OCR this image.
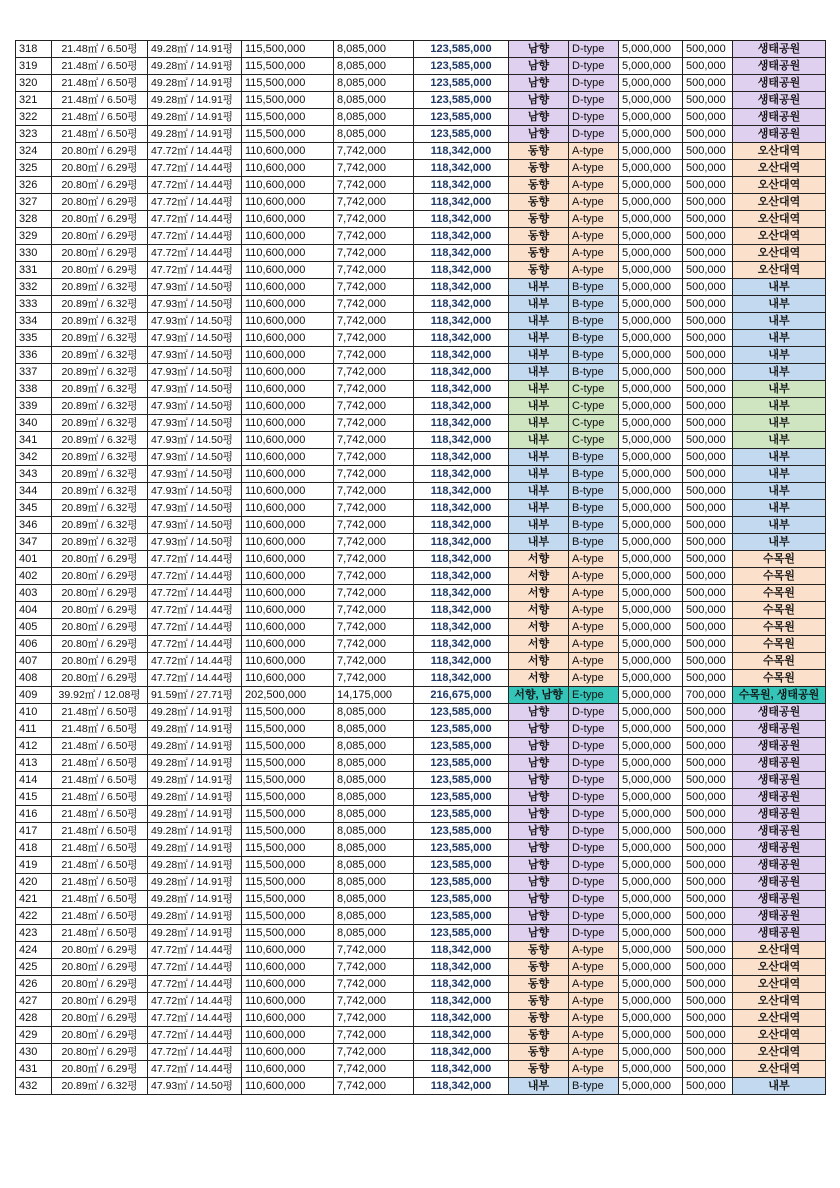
318	21.48㎡ / 6.50평	49.28㎡ / 14.91평	115,500,000	8,085,000	123,585,000	남향	D-type	5,000,000	500,000	생태공원
319	21.48㎡ / 6.50평	49.28㎡ / 14.91평	115,500,000	8,085,000	123,585,000	남향	D-type	5,000,000	500,000	생태공원
320	21.48㎡ / 6.50평	49.28㎡ / 14.91평	115,500,000	8,085,000	123,585,000	남향	D-type	5,000,000	500,000	생태공원
321	21.48㎡ / 6.50평	49.28㎡ / 14.91평	115,500,000	8,085,000	123,585,000	남향	D-type	5,000,000	500,000	생태공원
322	21.48㎡ / 6.50평	49.28㎡ / 14.91평	115,500,000	8,085,000	123,585,000	남향	D-type	5,000,000	500,000	생태공원
323	21.48㎡ / 6.50평	49.28㎡ / 14.91평	115,500,000	8,085,000	123,585,000	남향	D-type	5,000,000	500,000	생태공원
324	20.80㎡ / 6.29평	47.72㎡ / 14.44평	110,600,000	7,742,000	118,342,000	동향	A-type	5,000,000	500,000	오산대역
325	20.80㎡ / 6.29평	47.72㎡ / 14.44평	110,600,000	7,742,000	118,342,000	동향	A-type	5,000,000	500,000	오산대역
326	20.80㎡ / 6.29평	47.72㎡ / 14.44평	110,600,000	7,742,000	118,342,000	동향	A-type	5,000,000	500,000	오산대역
327	20.80㎡ / 6.29평	47.72㎡ / 14.44평	110,600,000	7,742,000	118,342,000	동향	A-type	5,000,000	500,000	오산대역
328	20.80㎡ / 6.29평	47.72㎡ / 14.44평	110,600,000	7,742,000	118,342,000	동향	A-type	5,000,000	500,000	오산대역
329	20.80㎡ / 6.29평	47.72㎡ / 14.44평	110,600,000	7,742,000	118,342,000	동향	A-type	5,000,000	500,000	오산대역
330	20.80㎡ / 6.29평	47.72㎡ / 14.44평	110,600,000	7,742,000	118,342,000	동향	A-type	5,000,000	500,000	오산대역
331	20.80㎡ / 6.29평	47.72㎡ / 14.44평	110,600,000	7,742,000	118,342,000	동향	A-type	5,000,000	500,000	오산대역
332	20.89㎡ / 6.32평	47.93㎡ / 14.50평	110,600,000	7,742,000	118,342,000	내부	B-type	5,000,000	500,000	내부
333	20.89㎡ / 6.32평	47.93㎡ / 14.50평	110,600,000	7,742,000	118,342,000	내부	B-type	5,000,000	500,000	내부
334	20.89㎡ / 6.32평	47.93㎡ / 14.50평	110,600,000	7,742,000	118,342,000	내부	B-type	5,000,000	500,000	내부
335	20.89㎡ / 6.32평	47.93㎡ / 14.50평	110,600,000	7,742,000	118,342,000	내부	B-type	5,000,000	500,000	내부
336	20.89㎡ / 6.32평	47.93㎡ / 14.50평	110,600,000	7,742,000	118,342,000	내부	B-type	5,000,000	500,000	내부
337	20.89㎡ / 6.32평	47.93㎡ / 14.50평	110,600,000	7,742,000	118,342,000	내부	B-type	5,000,000	500,000	내부
338	20.89㎡ / 6.32평	47.93㎡ / 14.50평	110,600,000	7,742,000	118,342,000	내부	C-type	5,000,000	500,000	내부
339	20.89㎡ / 6.32평	47.93㎡ / 14.50평	110,600,000	7,742,000	118,342,000	내부	C-type	5,000,000	500,000	내부
340	20.89㎡ / 6.32평	47.93㎡ / 14.50평	110,600,000	7,742,000	118,342,000	내부	C-type	5,000,000	500,000	내부
341	20.89㎡ / 6.32평	47.93㎡ / 14.50평	110,600,000	7,742,000	118,342,000	내부	C-type	5,000,000	500,000	내부
342	20.89㎡ / 6.32평	47.93㎡ / 14.50평	110,600,000	7,742,000	118,342,000	내부	B-type	5,000,000	500,000	내부
343	20.89㎡ / 6.32평	47.93㎡ / 14.50평	110,600,000	7,742,000	118,342,000	내부	B-type	5,000,000	500,000	내부
344	20.89㎡ / 6.32평	47.93㎡ / 14.50평	110,600,000	7,742,000	118,342,000	내부	B-type	5,000,000	500,000	내부
345	20.89㎡ / 6.32평	47.93㎡ / 14.50평	110,600,000	7,742,000	118,342,000	내부	B-type	5,000,000	500,000	내부
346	20.89㎡ / 6.32평	47.93㎡ / 14.50평	110,600,000	7,742,000	118,342,000	내부	B-type	5,000,000	500,000	내부
347	20.89㎡ / 6.32평	47.93㎡ / 14.50평	110,600,000	7,742,000	118,342,000	내부	B-type	5,000,000	500,000	내부
401	20.80㎡ / 6.29평	47.72㎡ / 14.44평	110,600,000	7,742,000	118,342,000	서향	A-type	5,000,000	500,000	수목원
402	20.80㎡ / 6.29평	47.72㎡ / 14.44평	110,600,000	7,742,000	118,342,000	서향	A-type	5,000,000	500,000	수목원
403	20.80㎡ / 6.29평	47.72㎡ / 14.44평	110,600,000	7,742,000	118,342,000	서향	A-type	5,000,000	500,000	수목원
404	20.80㎡ / 6.29평	47.72㎡ / 14.44평	110,600,000	7,742,000	118,342,000	서향	A-type	5,000,000	500,000	수목원
405	20.80㎡ / 6.29평	47.72㎡ / 14.44평	110,600,000	7,742,000	118,342,000	서향	A-type	5,000,000	500,000	수목원
406	20.80㎡ / 6.29평	47.72㎡ / 14.44평	110,600,000	7,742,000	118,342,000	서향	A-type	5,000,000	500,000	수목원
407	20.80㎡ / 6.29평	47.72㎡ / 14.44평	110,600,000	7,742,000	118,342,000	서향	A-type	5,000,000	500,000	수목원
408	20.80㎡ / 6.29평	47.72㎡ / 14.44평	110,600,000	7,742,000	118,342,000	서향	A-type	5,000,000	500,000	수목원
409	39.92㎡ / 12.08평	91.59㎡ / 27.71평	202,500,000	14,175,000	216,675,000	서향, 남향	E-type	5,000,000	700,000	수목원, 생태공원
410	21.48㎡ / 6.50평	49.28㎡ / 14.91평	115,500,000	8,085,000	123,585,000	남향	D-type	5,000,000	500,000	생태공원
411	21.48㎡ / 6.50평	49.28㎡ / 14.91평	115,500,000	8,085,000	123,585,000	남향	D-type	5,000,000	500,000	생태공원
412	21.48㎡ / 6.50평	49.28㎡ / 14.91평	115,500,000	8,085,000	123,585,000	남향	D-type	5,000,000	500,000	생태공원
413	21.48㎡ / 6.50평	49.28㎡ / 14.91평	115,500,000	8,085,000	123,585,000	남향	D-type	5,000,000	500,000	생태공원
414	21.48㎡ / 6.50평	49.28㎡ / 14.91평	115,500,000	8,085,000	123,585,000	남향	D-type	5,000,000	500,000	생태공원
415	21.48㎡ / 6.50평	49.28㎡ / 14.91평	115,500,000	8,085,000	123,585,000	남향	D-type	5,000,000	500,000	생태공원
416	21.48㎡ / 6.50평	49.28㎡ / 14.91평	115,500,000	8,085,000	123,585,000	남향	D-type	5,000,000	500,000	생태공원
417	21.48㎡ / 6.50평	49.28㎡ / 14.91평	115,500,000	8,085,000	123,585,000	남향	D-type	5,000,000	500,000	생태공원
418	21.48㎡ / 6.50평	49.28㎡ / 14.91평	115,500,000	8,085,000	123,585,000	남향	D-type	5,000,000	500,000	생태공원
419	21.48㎡ / 6.50평	49.28㎡ / 14.91평	115,500,000	8,085,000	123,585,000	남향	D-type	5,000,000	500,000	생태공원
420	21.48㎡ / 6.50평	49.28㎡ / 14.91평	115,500,000	8,085,000	123,585,000	남향	D-type	5,000,000	500,000	생태공원
421	21.48㎡ / 6.50평	49.28㎡ / 14.91평	115,500,000	8,085,000	123,585,000	남향	D-type	5,000,000	500,000	생태공원
422	21.48㎡ / 6.50평	49.28㎡ / 14.91평	115,500,000	8,085,000	123,585,000	남향	D-type	5,000,000	500,000	생태공원
423	21.48㎡ / 6.50평	49.28㎡ / 14.91평	115,500,000	8,085,000	123,585,000	남향	D-type	5,000,000	500,000	생태공원
424	20.80㎡ / 6.29평	47.72㎡ / 14.44평	110,600,000	7,742,000	118,342,000	동향	A-type	5,000,000	500,000	오산대역
425	20.80㎡ / 6.29평	47.72㎡ / 14.44평	110,600,000	7,742,000	118,342,000	동향	A-type	5,000,000	500,000	오산대역
426	20.80㎡ / 6.29평	47.72㎡ / 14.44평	110,600,000	7,742,000	118,342,000	동향	A-type	5,000,000	500,000	오산대역
427	20.80㎡ / 6.29평	47.72㎡ / 14.44평	110,600,000	7,742,000	118,342,000	동향	A-type	5,000,000	500,000	오산대역
428	20.80㎡ / 6.29평	47.72㎡ / 14.44평	110,600,000	7,742,000	118,342,000	동향	A-type	5,000,000	500,000	오산대역
429	20.80㎡ / 6.29평	47.72㎡ / 14.44평	110,600,000	7,742,000	118,342,000	동향	A-type	5,000,000	500,000	오산대역
430	20.80㎡ / 6.29평	47.72㎡ / 14.44평	110,600,000	7,742,000	118,342,000	동향	A-type	5,000,000	500,000	오산대역
431	20.80㎡ / 6.29평	47.72㎡ / 14.44평	110,600,000	7,742,000	118,342,000	동향	A-type	5,000,000	500,000	오산대역
432	20.89㎡ / 6.32평	47.93㎡ / 14.50평	110,600,000	7,742,000	118,342,000	내부	B-type	5,000,000	500,000	내부
